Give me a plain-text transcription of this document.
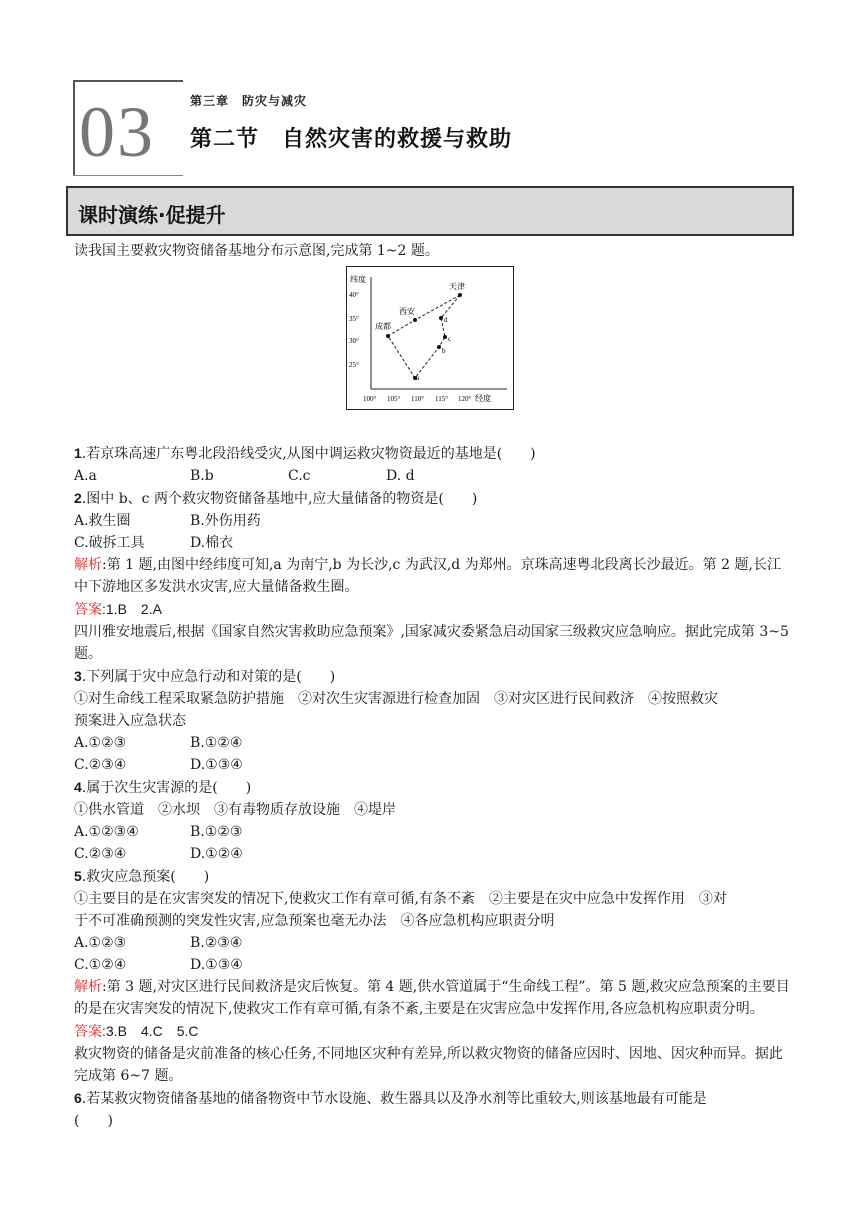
03	第三章　防灾与减灾
第二节　自然灾害的救援与救助
课时演练·促提升
纬度
40°
35°
30°
25°
100° 105° 110° 115° 120° 经度
天津
西安
成都
a
b
c
d
读我国主要救灾物资储备基地分布示意图,完成第 1~2 题。
1.若京珠高速广东粤北段沿线受灾,从图中调运救灾物资最近的基地是(　　)
A.a	B.b	C.c	D. d
2.图中 b、c 两个救灾物资储备基地中,应大量储备的物资是(　　)
A.救生圈	B.外伤用药
C.破拆工具	D.棉衣
解析:第 1 题,由图中经纬度可知,a 为南宁,b 为长沙,c 为武汉,d 为郑州。京珠高速粤北段离长沙最近。第 2 题,长江中下游地区多发洪水灾害,应大量储备救生圈。
答案:1.B　2.A
四川雅安地震后,根据《国家自然灾害救助应急预案》,国家减灾委紧急启动国家三级救灾应急响应。据此完成第 3~5 题。
3.下列属于灾中应急行动和对策的是(　　)
①对生命线工程采取紧急防护措施　②对次生灾害源进行检查加固　③对灾区进行民间救济　④按照救灾
预案进入应急状态
A.①②③	B.①②④
C.②③④	D.①③④
4.属于次生灾害源的是(　　)
①供水管道　②水坝　③有毒物质存放设施　④堤岸
A.①②③④	B.①②③
C.②③④	D.①②④
5.救灾应急预案(　　)
①主要目的是在灾害突发的情况下,使救灾工作有章可循,有条不紊　②主要是在灾中应急中发挥作用　③对
于不可准确预测的突发性灾害,应急预案也毫无办法　④各应急机构应职责分明
A.①②③	B.②③④
C.①②④	D.①③④
解析:第 3 题,对灾区进行民间救济是灾后恢复。第 4 题,供水管道属于“生命线工程”。第 5 题,救灾应急预案的主要目的是在灾害突发的情况下,使救灾工作有章可循,有条不紊,主要是在灾害应急中发挥作用,各应急机构应职责分明。
答案:3.B　4.C　5.C
救灾物资的储备是灾前准备的核心任务,不同地区灾种有差异,所以救灾物资的储备应因时、因地、因灾种而异。据此完成第 6~7 题。
6.若某救灾物资储备基地的储备物资中节水设施、救生器具以及净水剂等比重较大,则该基地最有可能是
(　　)
